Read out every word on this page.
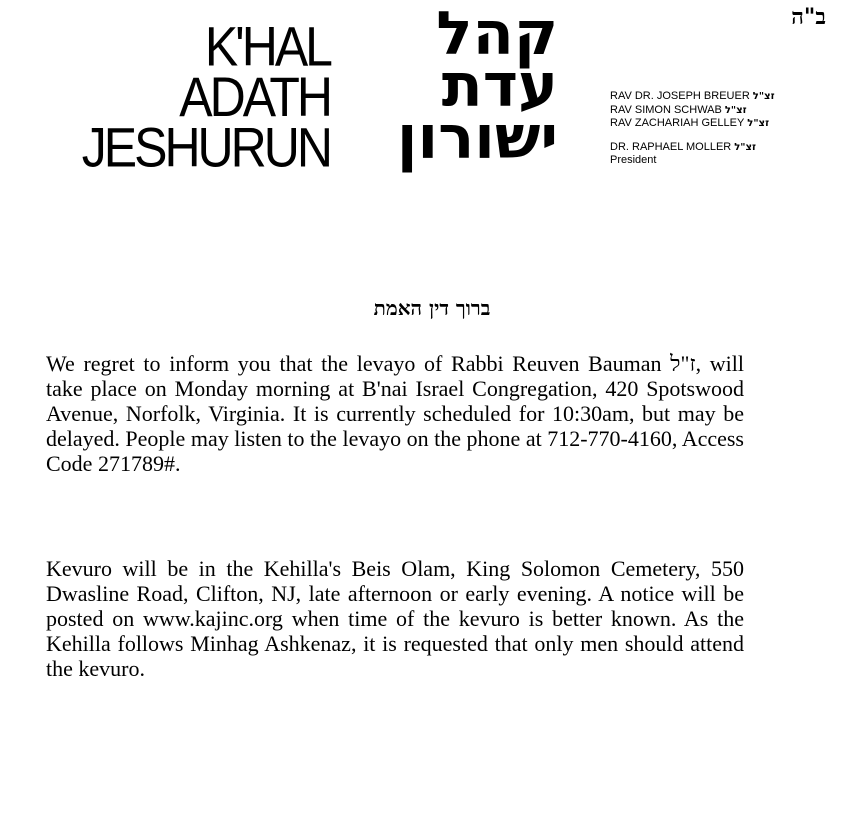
ב"ה
K'HAL
ADATH
JESHURUN
קהל
עדת
ישורון
RAV DR. JOSEPH BREUER זצ"ל
RAV SIMON SCHWAB זצ"ל
RAV ZACHARIAH GELLEY זצ"ל
DR. RAPHAEL MOLLER זצ"ל
President
ברוך דין האמת
We regret to inform you that the levayo of Rabbi Reuven Bauman ז"ל, will take place on Monday morning at B'nai Israel Congregation, 420 Spotswood Avenue, Norfolk, Virginia. It is currently scheduled for 10:30am, but may be delayed. People may listen to the levayo on the phone at 712-770-4160, Access Code 271789#.
Kevuro will be in the Kehilla's Beis Olam, King Solomon Cemetery, 550 Dwasline Road, Clifton, NJ, late afternoon or early evening. A notice will be posted on www.kajinc.org when time of the kevuro is better known. As the Kehilla follows Minhag Ashkenaz, it is requested that only men should attend the kevuro.
